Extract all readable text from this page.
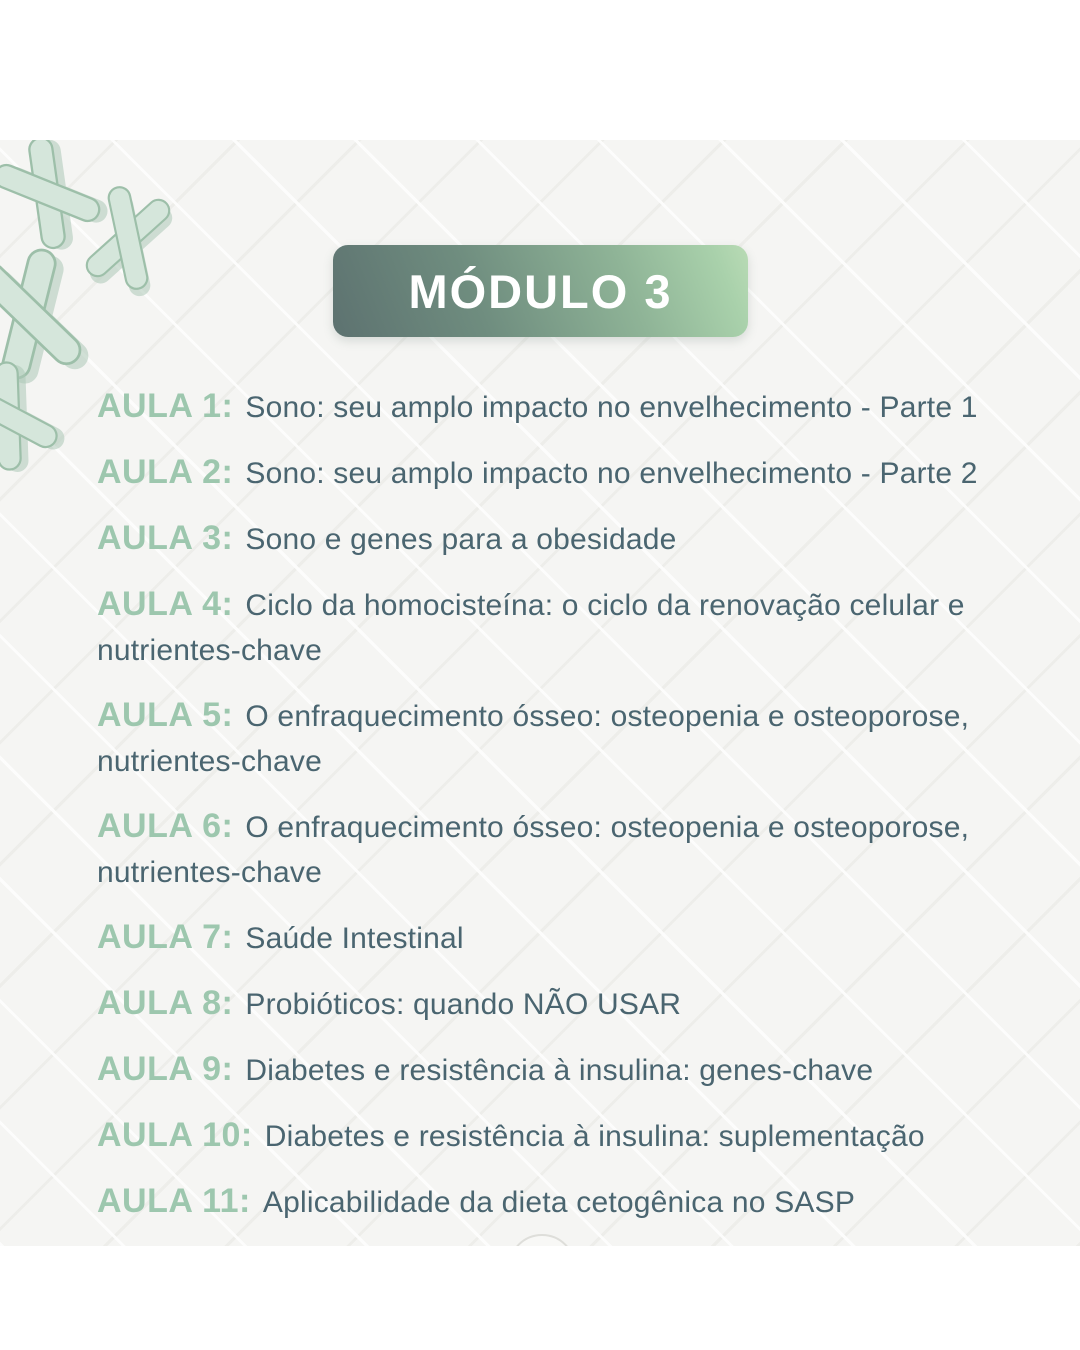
MÓDULO 3

AULA 1: Sono: seu amplo impacto no envelhecimento - Parte 1

AULA 2: Sono: seu amplo impacto no envelhecimento - Parte 2

AULA 3: Sono e genes para a obesidade

AULA 4: Ciclo da homocisteína: o ciclo da renovação celular e nutrientes-chave

AULA 5: O enfraquecimento ósseo: osteopenia e osteoporose, nutrientes-chave

AULA 6: O enfraquecimento ósseo: osteopenia e osteoporose, nutrientes-chave

AULA 7: Saúde Intestinal

AULA 8: Probióticos: quando NÃO USAR

AULA 9: Diabetes e resistência à insulina: genes-chave

AULA 10: Diabetes e resistência à insulina: suplementação

AULA 11: Aplicabilidade da dieta cetogênica no SASP
